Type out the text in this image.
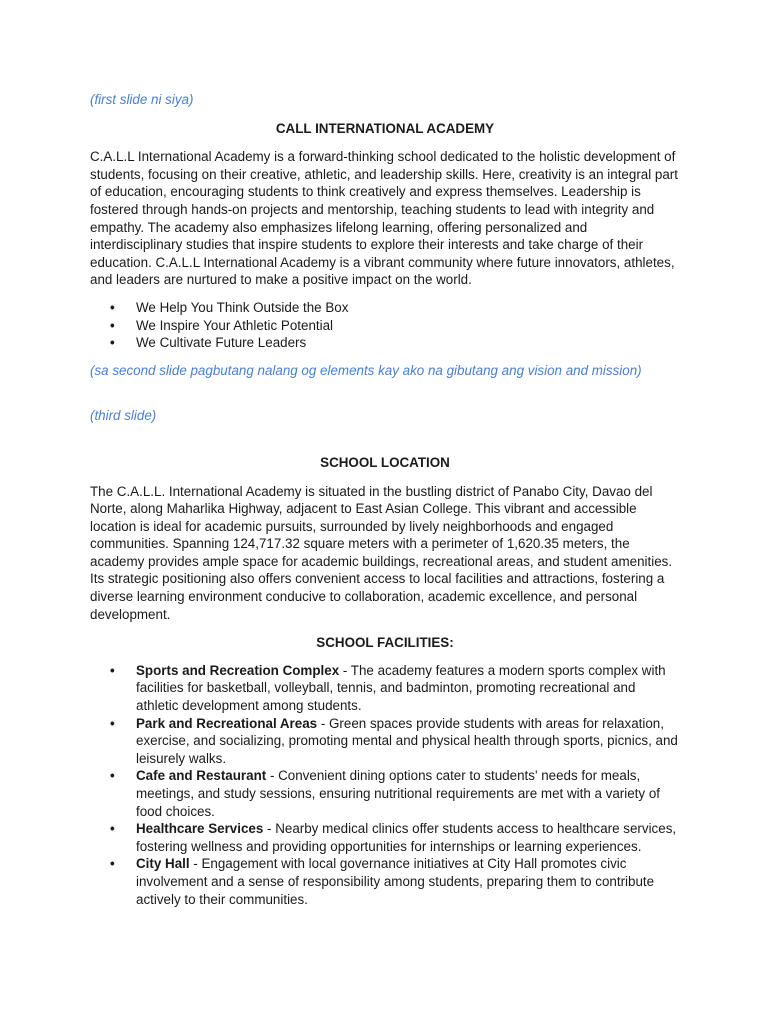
(first slide ni siya)

CALL INTERNATIONAL ACADEMY

C.A.L.L International Academy is a forward-thinking school dedicated to the holistic development of students, focusing on their creative, athletic, and leadership skills. Here, creativity is an integral part of education, encouraging students to think creatively and express themselves. Leadership is fostered through hands-on projects and mentorship, teaching students to lead with integrity and empathy. The academy also emphasizes lifelong learning, offering personalized and interdisciplinary studies that inspire students to explore their interests and take charge of their education. C.A.L.L International Academy is a vibrant community where future innovators, athletes, and leaders are nurtured to make a positive impact on the world.

• We Help You Think Outside the Box
• We Inspire Your Athletic Potential
• We Cultivate Future Leaders

(sa second slide pagbutang nalang og elements kay ako na gibutang ang vision and mission)

(third slide)

SCHOOL LOCATION

The C.A.L.L. International Academy is situated in the bustling district of Panabo City, Davao del Norte, along Maharlika Highway, adjacent to East Asian College. This vibrant and accessible location is ideal for academic pursuits, surrounded by lively neighborhoods and engaged communities. Spanning 124,717.32 square meters with a perimeter of 1,620.35 meters, the academy provides ample space for academic buildings, recreational areas, and student amenities. Its strategic positioning also offers convenient access to local facilities and attractions, fostering a diverse learning environment conducive to collaboration, academic excellence, and personal development.

SCHOOL FACILITIES:

• Sports and Recreation Complex - The academy features a modern sports complex with facilities for basketball, volleyball, tennis, and badminton, promoting recreational and athletic development among students.
• Park and Recreational Areas - Green spaces provide students with areas for relaxation, exercise, and socializing, promoting mental and physical health through sports, picnics, and leisurely walks.
• Cafe and Restaurant - Convenient dining options cater to students' needs for meals, meetings, and study sessions, ensuring nutritional requirements are met with a variety of food choices.
• Healthcare Services - Nearby medical clinics offer students access to healthcare services, fostering wellness and providing opportunities for internships or learning experiences.
• City Hall - Engagement with local governance initiatives at City Hall promotes civic involvement and a sense of responsibility among students, preparing them to contribute actively to their communities.
